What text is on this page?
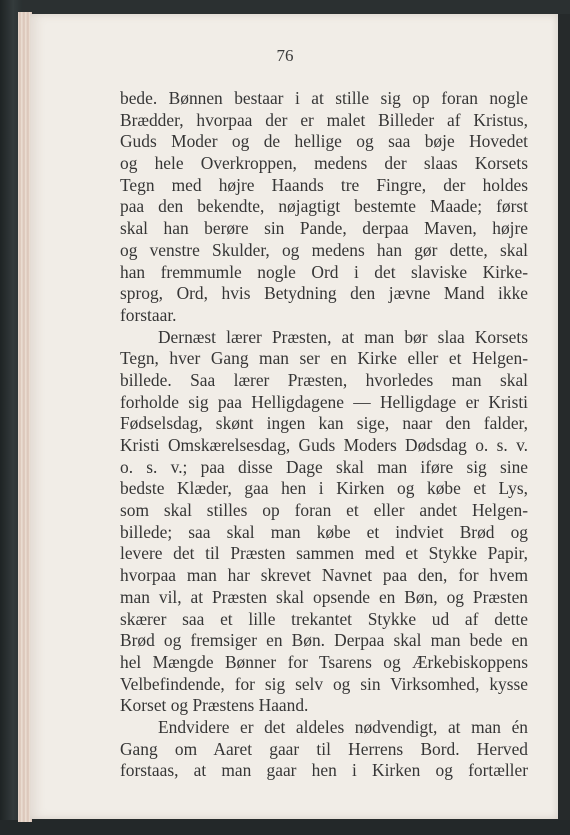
76
bede. Bønnen bestaar i at stille sig op foran nogle
Brædder, hvorpaa der er malet Billeder af Kristus,
Guds Moder og de hellige og saa bøje Hovedet
og hele Overkroppen, medens der slaas Korsets
Tegn med højre Haands tre Fingre, der holdes
paa den bekendte, nøjagtigt bestemte Maade; først
skal han berøre sin Pande, derpaa Maven, højre
og venstre Skulder, og medens han gør dette, skal
han fremmumle nogle Ord i det slaviske Kirke-
sprog, Ord, hvis Betydning den jævne Mand ikke
forstaar.
Dernæst lærer Præsten, at man bør slaa Korsets
Tegn, hver Gang man ser en Kirke eller et Helgen-
billede. Saa lærer Præsten, hvorledes man skal
forholde sig paa Helligdagene — Helligdage er Kristi
Fødselsdag, skønt ingen kan sige, naar den falder,
Kristi Omskærelsesdag, Guds Moders Dødsdag o. s. v.
o. s. v.; paa disse Dage skal man iføre sig sine
bedste Klæder, gaa hen i Kirken og købe et Lys,
som skal stilles op foran et eller andet Helgen-
billede; saa skal man købe et indviet Brød og
levere det til Præsten sammen med et Stykke Papir,
hvorpaa man har skrevet Navnet paa den, for hvem
man vil, at Præsten skal opsende en Bøn, og Præsten
skærer saa et lille trekantet Stykke ud af dette
Brød og fremsiger en Bøn. Derpaa skal man bede en
hel Mængde Bønner for Tsarens og Ærkebiskoppens
Velbefindende, for sig selv og sin Virksomhed, kysse
Korset og Præstens Haand.
Endvidere er det aldeles nødvendigt, at man én
Gang om Aaret gaar til Herrens Bord. Herved
forstaas, at man gaar hen i Kirken og fortæller
